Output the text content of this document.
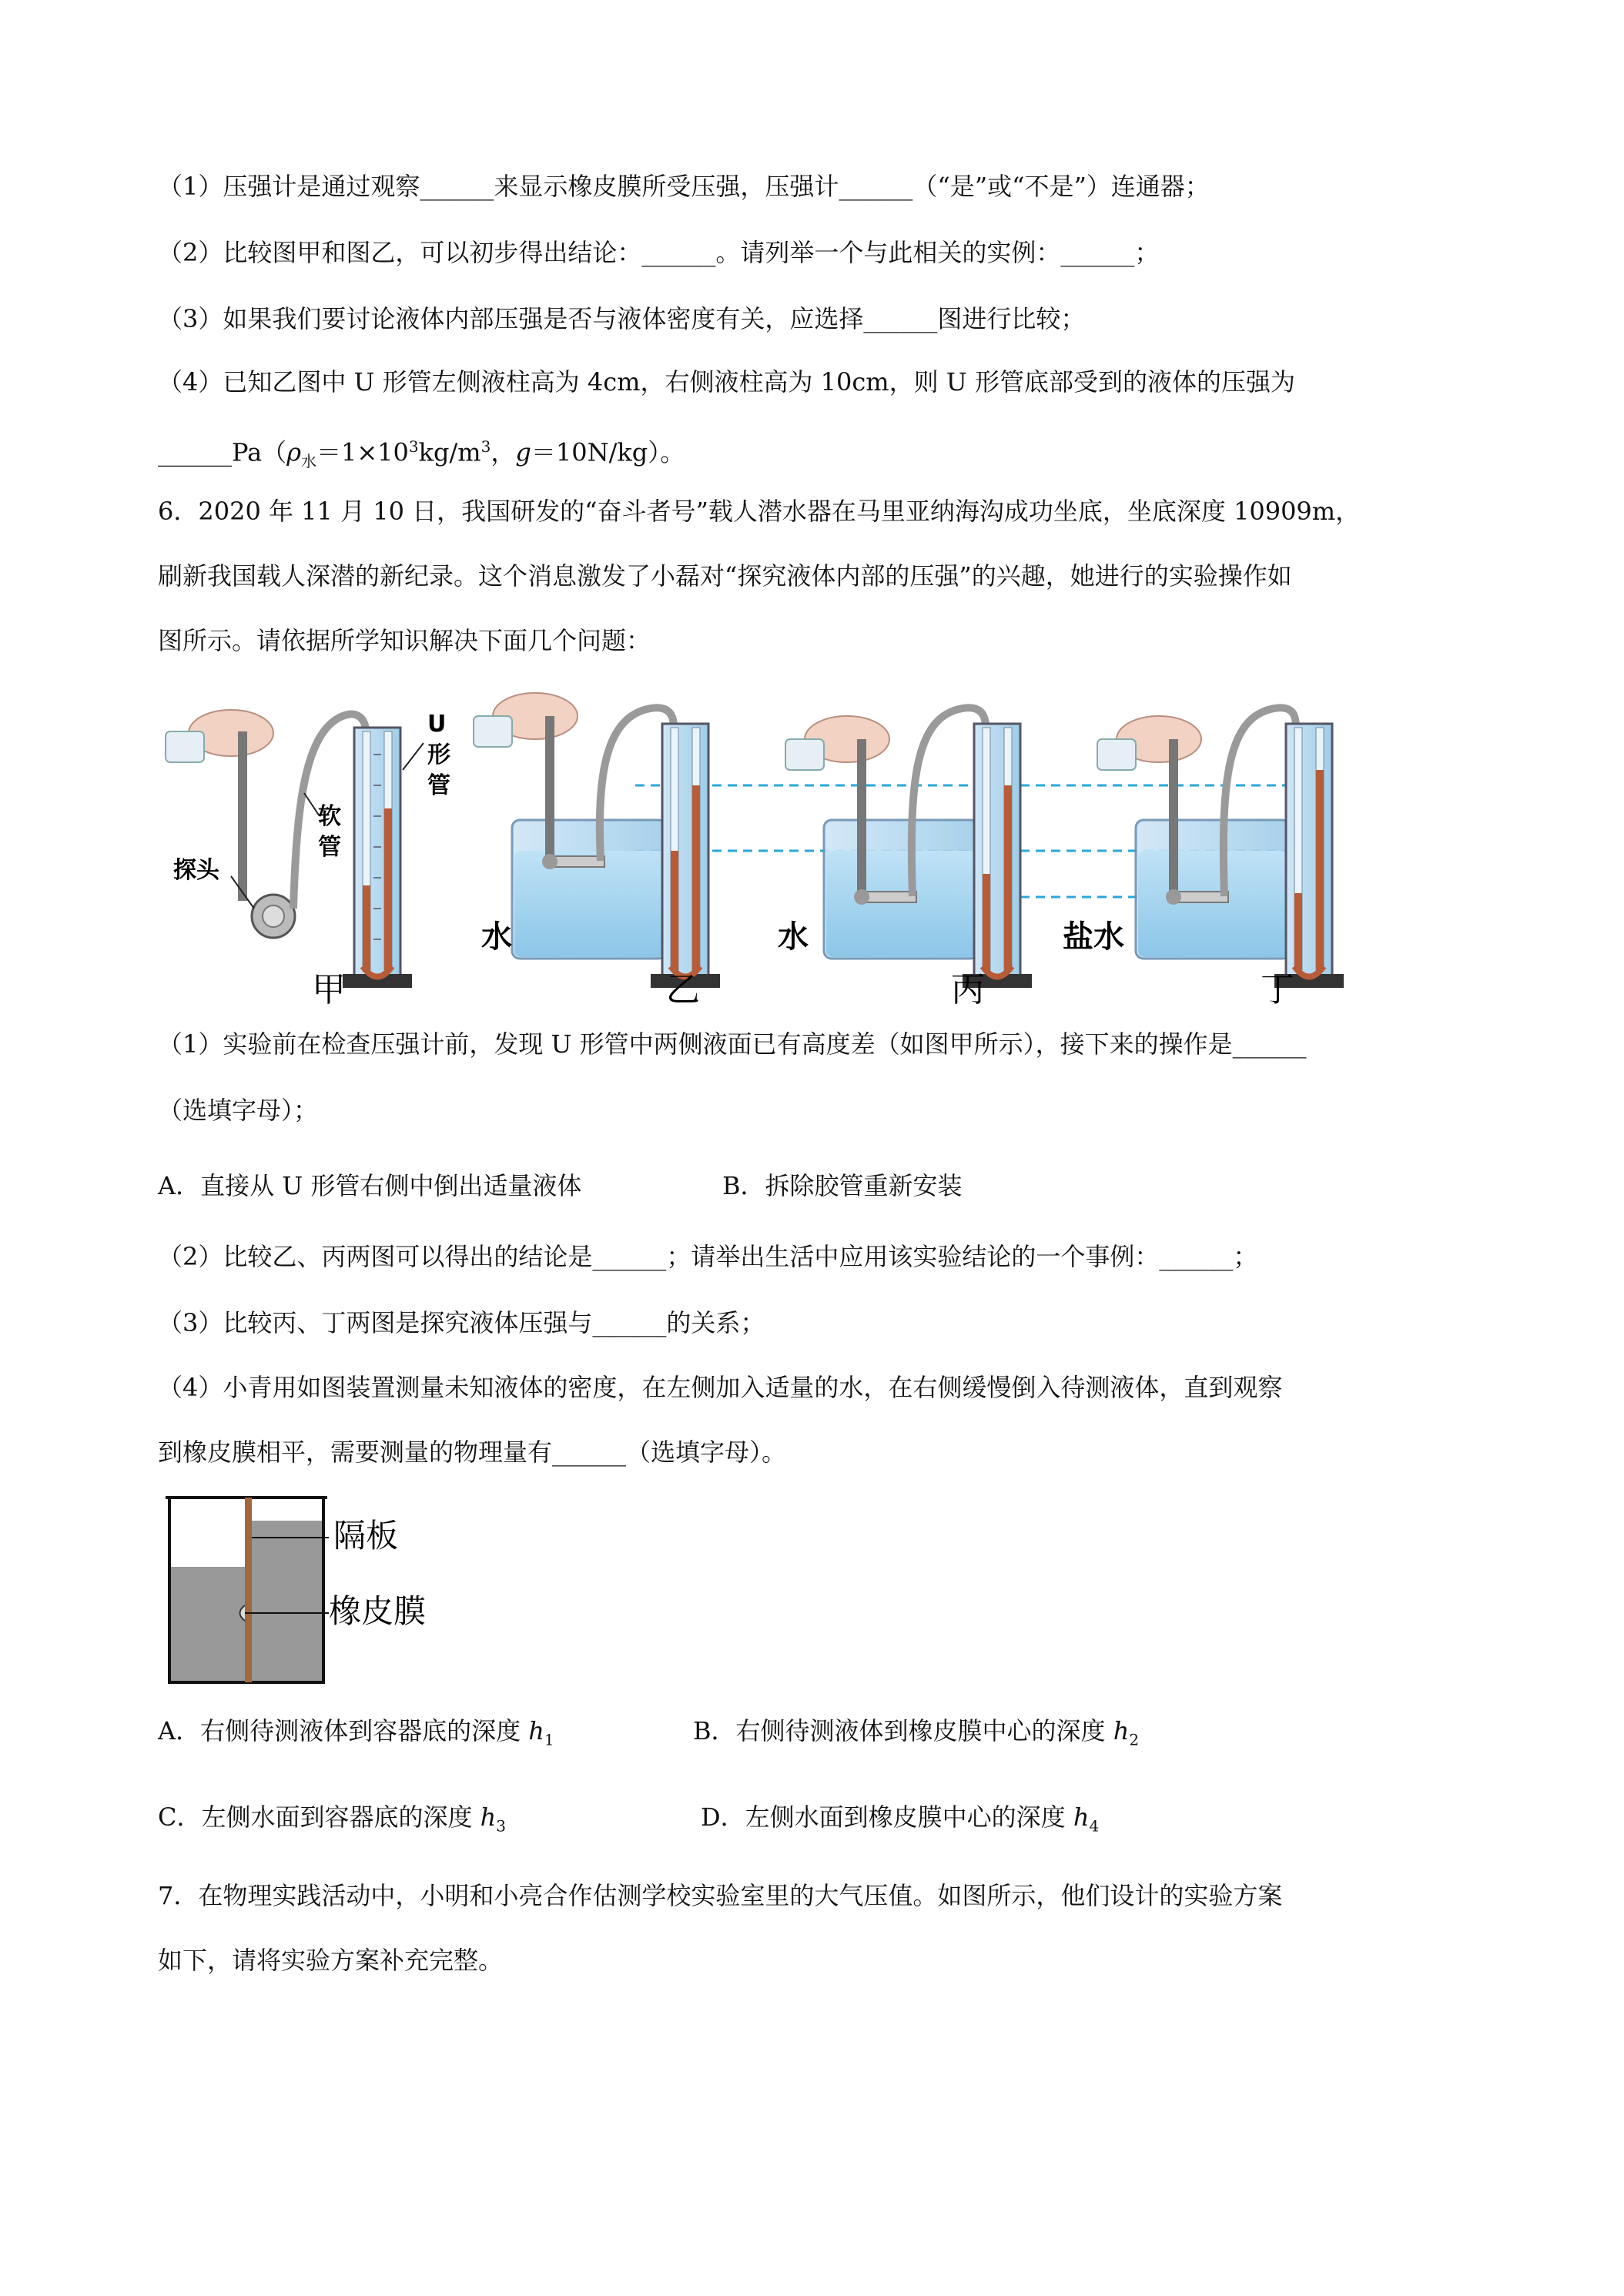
（1）压强计是通过观察______来显示橡皮膜所受压强，压强计______（“是”或“不是”）连通器；
（2）比较图甲和图乙，可以初步得出结论：______。请列举一个与此相关的实例：______；
（3）如果我们要讨论液体内部压强是否与液体密度有关，应选择______图进行比较；
（4）已知乙图中 U 形管左侧液柱高为 4cm，右侧液柱高为 10cm，则 U 形管底部受到的液体的压强为
$\_\_\_\_\_\_Pa(\rho_水=1\times 10^3kg/m^3$，g＝10N/kg）。
6．2020 年 11 月 10 日，我国研发的“奋斗者号”载人潜水器在马里亚纳海沟成功坐底，坐底深度 10909m，
刷新我国载人深潜的新纪录。这个消息激发了小磊对“探究液体内部的压强”的兴趣，她进行的实验操作如
图所示。请依据所学知识解决下面几个问题：
U
形
管
软
管
探头
甲
水
乙
水
丙
盐水
丁
（1）实验前在检查压强计前，发现 U 形管中两侧液面已有高度差（如图甲所示），接下来的操作是______
（选填字母）；
A．直接从 U 形管右侧中倒出适量液体	B．拆除胶管重新安装
（2）比较乙、丙两图可以得出的结论是______；请举出生活中应用该实验结论的一个事例：______；
（3）比较丙、丁两图是探究液体压强与______的关系；
（4）小青用如图装置测量未知液体的密度，在左侧加入适量的水，在右侧缓慢倒入待测液体，直到观察
到橡皮膜相平，需要测量的物理量有______（选填字母）。
隔板
橡皮膜
A．右侧待测液体到容器底的深度 $h_1$	B．右侧待测液体到橡皮膜中心的深度 $h_2$
C．左侧水面到容器底的深度 $h_3$	D．左侧水面到橡皮膜中心的深度 $h_4$
7．在物理实践活动中，小明和小亮合作估测学校实验室里的大气压值。如图所示，他们设计的实验方案
如下，请将实验方案补充完整。
